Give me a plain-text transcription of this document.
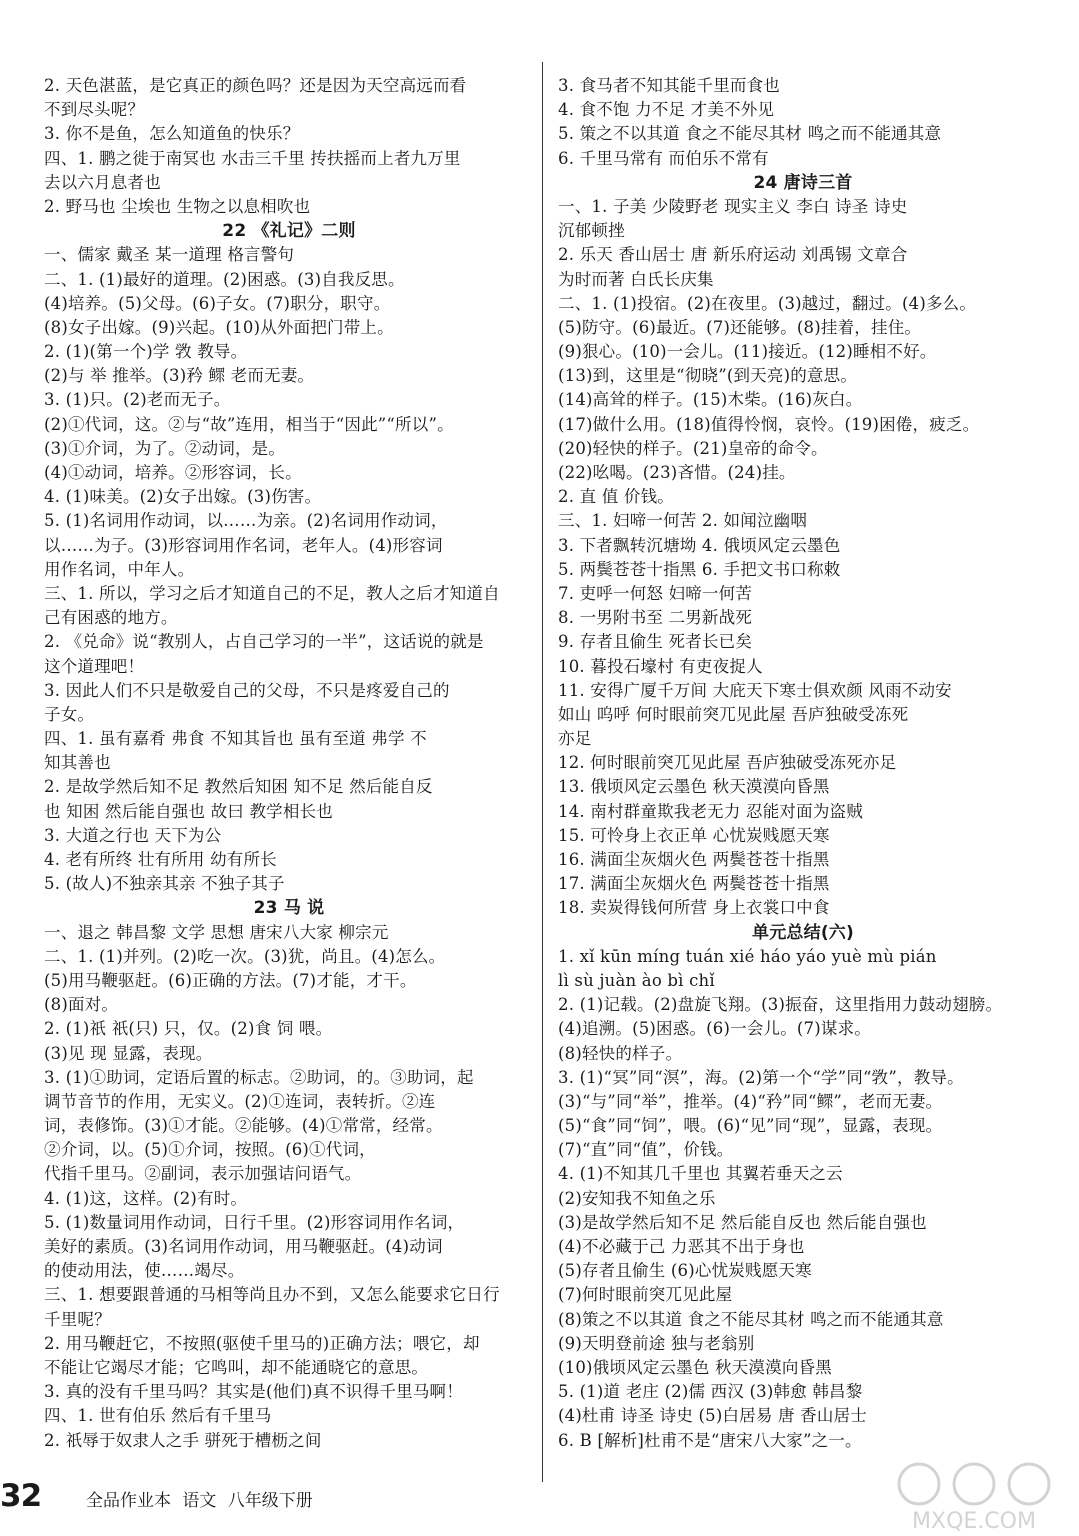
2. 天色湛蓝，是它真正的颜色吗？还是因为天空高远而看
不到尽头呢？
3. 你不是鱼，怎么知道鱼的快乐？
四、1. 鹏之徙于南冥也 水击三千里 抟扶摇而上者九万里
去以六月息者也
2. 野马也 尘埃也 生物之以息相吹也
22 《礼记》二则
一、儒家 戴圣 某一道理 格言警句
二、1. (1)最好的道理。(2)困惑。(3)自我反思。
(4)培养。(5)父母。(6)子女。(7)职分，职守。
(8)女子出嫁。(9)兴起。(10)从外面把门带上。
2. (1)(第一个)学 敩 教导。
(2)与 举 推举。(3)矜 鳏 老而无妻。
3. (1)只。(2)老而无子。
(2)①代词，这。②与“故”连用，相当于“因此”“所以”。
(3)①介词，为了。②动词，是。
(4)①动词，培养。②形容词，长。
4. (1)味美。(2)女子出嫁。(3)伤害。
5. (1)名词用作动词，以……为亲。(2)名词用作动词，
以……为子。(3)形容词用作名词，老年人。(4)形容词
用作名词，中年人。
三、1. 所以，学习之后才知道自己的不足，教人之后才知道自
己有困惑的地方。
2. 《兑命》说“教别人，占自己学习的一半”，这话说的就是
这个道理吧！
3. 因此人们不只是敬爱自己的父母，不只是疼爱自己的
子女。
四、1. 虽有嘉肴 弗食 不知其旨也 虽有至道 弗学 不
知其善也
2. 是故学然后知不足 教然后知困 知不足 然后能自反
也 知困 然后能自强也 故曰 教学相长也
3. 大道之行也 天下为公
4. 老有所终 壮有所用 幼有所长
5. (故人)不独亲其亲 不独子其子
23 马 说
一、退之 韩昌黎 文学 思想 唐宋八大家 柳宗元
二、1. (1)并列。(2)吃一次。(3)犹，尚且。(4)怎么。
(5)用马鞭驱赶。(6)正确的方法。(7)才能，才干。
(8)面对。
2. (1)祇 祇(只) 只，仅。(2)食 饲 喂。
(3)见 现 显露，表现。
3. (1)①助词，定语后置的标志。②助词，的。③助词，起
调节音节的作用，无实义。(2)①连词，表转折。②连
词，表修饰。(3)①才能。②能够。(4)①常常，经常。
②介词，以。(5)①介词，按照。(6)①代词，
代指千里马。②副词，表示加强诘问语气。
4. (1)这，这样。(2)有时。
5. (1)数量词用作动词，日行千里。(2)形容词用作名词，
美好的素质。(3)名词用作动词，用马鞭驱赶。(4)动词
的使动用法，使……竭尽。
三、1. 想要跟普通的马相等尚且办不到，又怎么能要求它日行
千里呢？
2. 用马鞭赶它，不按照(驱使千里马的)正确方法；喂它，却
不能让它竭尽才能；它鸣叫，却不能通晓它的意思。
3. 真的没有千里马吗？其实是(他们)真不识得千里马啊！
四、1. 世有伯乐 然后有千里马
2. 祇辱于奴隶人之手 骈死于槽枥之间
3. 食马者不知其能千里而食也
4. 食不饱 力不足 才美不外见
5. 策之不以其道 食之不能尽其材 鸣之而不能通其意
6. 千里马常有 而伯乐不常有
24 唐诗三首
一、1. 子美 少陵野老 现实主义 李白 诗圣 诗史
沉郁顿挫
2. 乐天 香山居士 唐 新乐府运动 刘禹锡 文章合
为时而著 白氏长庆集
二、1. (1)投宿。(2)在夜里。(3)越过，翻过。(4)多么。
(5)防守。(6)最近。(7)还能够。(8)挂着，挂住。
(9)狠心。(10)一会儿。(11)接近。(12)睡相不好。
(13)到，这里是“彻晓”(到天亮)的意思。
(14)高耸的样子。(15)木柴。(16)灰白。
(17)做什么用。(18)值得怜悯，哀怜。(19)困倦，疲乏。
(20)轻快的样子。(21)皇帝的命令。
(22)吆喝。(23)吝惜。(24)挂。
2. 直 值 价钱。
三、1. 妇啼一何苦 2. 如闻泣幽咽
3. 下者飘转沉塘坳 4. 俄顷风定云墨色
5. 两鬓苍苍十指黑 6. 手把文书口称敕
7. 吏呼一何怒 妇啼一何苦
8. 一男附书至 二男新战死
9. 存者且偷生 死者长已矣
10. 暮投石壕村 有吏夜捉人
11. 安得广厦千万间 大庇天下寒士俱欢颜 风雨不动安
如山 呜呼 何时眼前突兀见此屋 吾庐独破受冻死
亦足
12. 何时眼前突兀见此屋 吾庐独破受冻死亦足
13. 俄顷风定云墨色 秋天漠漠向昏黑
14. 南村群童欺我老无力 忍能对面为盗贼
15. 可怜身上衣正单 心忧炭贱愿天寒
16. 满面尘灰烟火色 两鬓苍苍十指黑
17. 满面尘灰烟火色 两鬓苍苍十指黑
18. 卖炭得钱何所营 身上衣裳口中食
单元总结(六)
1. xǐ kūn míng tuán xié háo yáo yuè mù pián
lì sù juàn ào bì chǐ
2. (1)记载。(2)盘旋飞翔。(3)振奋，这里指用力鼓动翅膀。
(4)追溯。(5)困惑。(6)一会儿。(7)谋求。
(8)轻快的样子。
3. (1)“冥”同“溟”，海。(2)第一个“学”同“敩”，教导。
(3)“与”同“举”，推举。(4)“矜”同“鳏”，老而无妻。
(5)“食”同“饲”，喂。(6)“见”同“现”，显露，表现。
(7)“直”同“值”，价钱。
4. (1)不知其几千里也 其翼若垂天之云
(2)安知我不知鱼之乐
(3)是故学然后知不足 然后能自反也 然后能自强也
(4)不必藏于己 力恶其不出于身也
(5)存者且偷生 (6)心忧炭贱愿天寒
(7)何时眼前突兀见此屋
(8)策之不以其道 食之不能尽其材 鸣之而不能通其意
(9)天明登前途 独与老翁别
(10)俄顷风定云墨色 秋天漠漠向昏黑
5. (1)道 老庄 (2)儒 西汉 (3)韩愈 韩昌黎
(4)杜甫 诗圣 诗史 (5)白居易 唐 香山居士
6. B [解析]杜甫不是“唐宋八大家”之一。
32	全品作业本 语文 八年级下册
MXQE.COM
